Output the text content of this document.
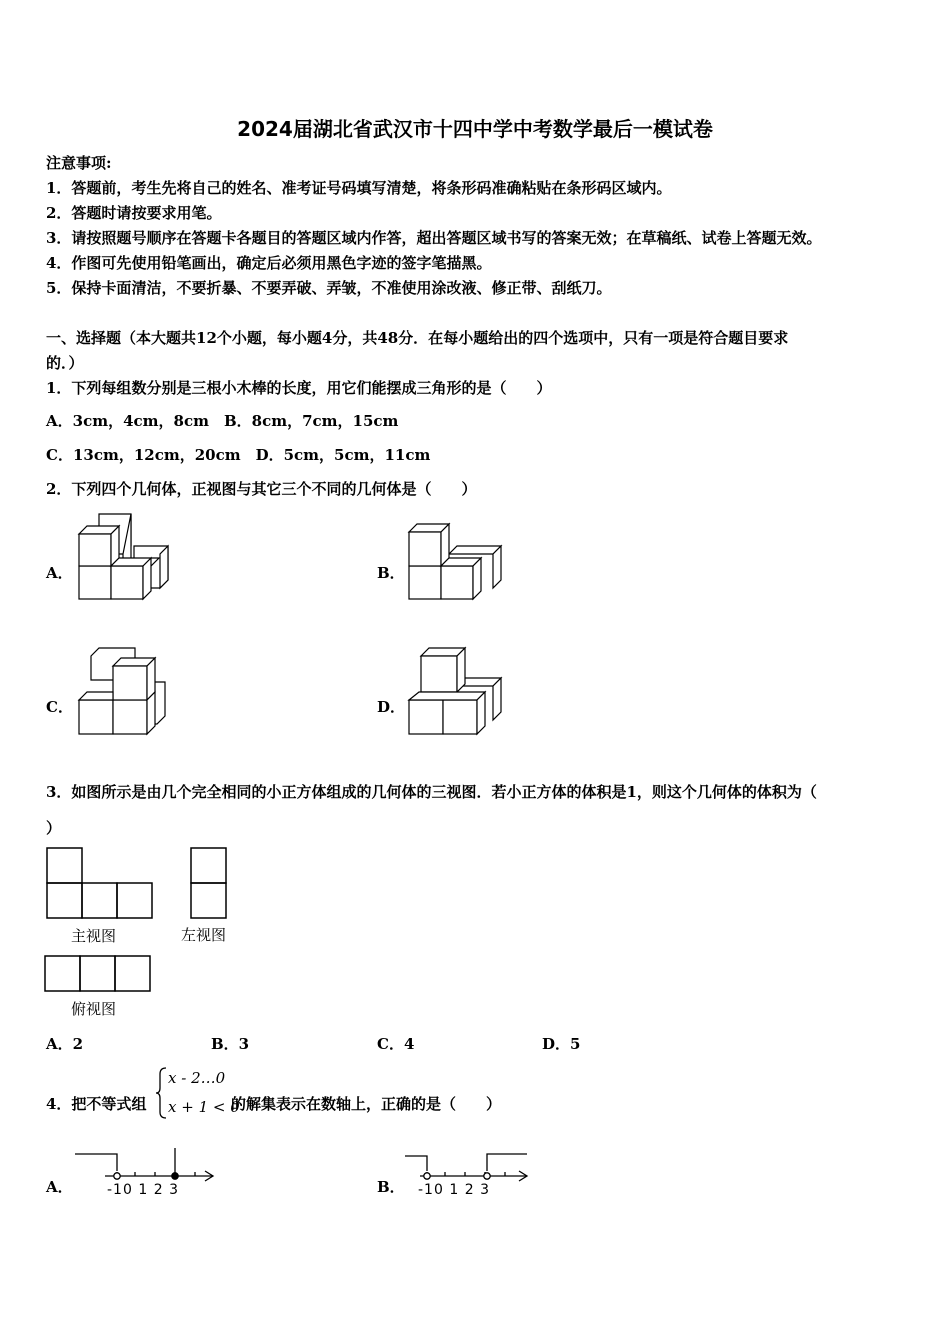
2024届湖北省武汉市十四中学中考数学最后一模试卷
注意事项:
1．答题前，考生先将自己的姓名、准考证号码填写清楚，将条形码准确粘贴在条形码区域内。
2．答题时请按要求用笔。
3．请按照题号顺序在答题卡各题目的答题区域内作答，超出答题区域书写的答案无效；在草稿纸、试卷上答题无效。
4．作图可先使用铅笔画出，确定后必须用黑色字迹的签字笔描黑。
5．保持卡面清洁，不要折暴、不要弄破、弄皱，不准使用涂改液、修正带、刮纸刀。
一、选择题（本大题共12个小题，每小题4分，共48分．在每小题给出的四个选项中，只有一项是符合题目要求
的．）
1．下列每组数分别是三根小木棒的长度，用它们能摆成三角形的是（　　）
A．3cm，4cm，8cm　B．8cm，7cm，15cm
C．13cm，12cm，20cm　D．5cm，5cm，11cm
2．下列四个几何体，正视图与其它三个不同的几何体是（　　）
A．	B．
C．	D．
3．如图所示是由几个完全相同的小正方体组成的几何体的三视图．若小正方体的体积是1，则这个几何体的体积为（
）
主视图	左视图
俯视图
A．2	B．3	C．4	D．5
4．把不等式组
x - 2…0
x + 1 < 0
的解集表示在数轴上，正确的是（　　）
A．	B．
-10 1 2 3	-10 1 2 3
